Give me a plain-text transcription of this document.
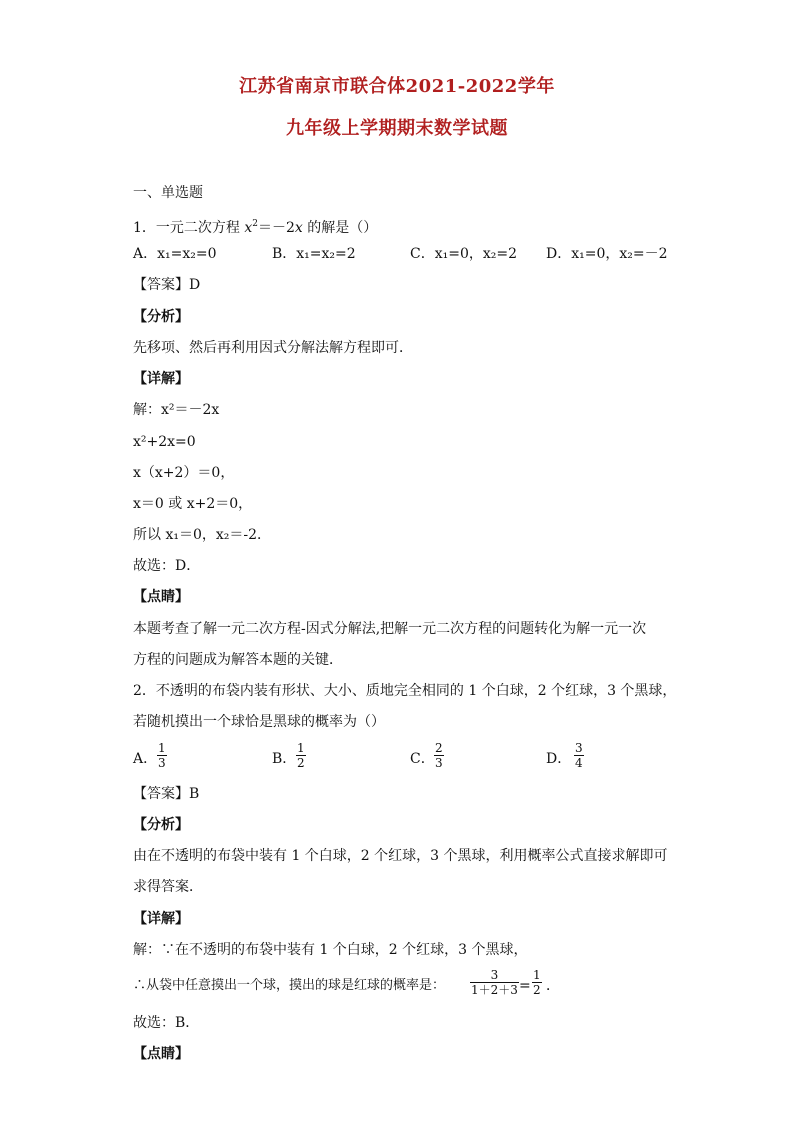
江苏省南京市联合体2021-2022学年
九年级上学期期末数学试题
一、单选题
1．一元二次方程 $x^2=-2x$ 的解是（）
A．x₁=x₂=0	B．x₁=x₂=2	C．x₁=0，x₂=2 D．x₁=0，x₂=－2
【答案】D
【分析】
先移项、然后再利用因式分解法解方程即可．
【详解】
解：x²＝－2x
x²+2x=0
x（x+2）＝0，
x＝0 或 x+2＝0，
所以 x₁＝0，x₂＝-2．
故选：D．
【点睛】
本题考查了解一元二次方程-因式分解法,把解一元二次方程的问题转化为解一元一次
方程的问题成为解答本题的关键．
2．不透明的布袋内装有形状、大小、质地完全相同的 1 个白球，2 个红球，3 个黑球，
若随机摸出一个球恰是黑球的概率为（）
A． $\frac{1}{3}$	B． $\frac{1}{2}$	C． $\frac{2}{3}$	D． $\frac{3}{4}$
【答案】B
【分析】
由在不透明的布袋中装有 1 个白球，2 个红球，3 个黑球，利用概率公式直接求解即可
求得答案．
【详解】
解：∵在不透明的布袋中装有 1 个白球，2 个红球，3 个黑球，
∴从袋中任意摸出一个球，摸出的球是红球的概率是： $\frac{3}{1+2+3} = \frac{1}{2}$ ．
故选：B．
【点睛】
